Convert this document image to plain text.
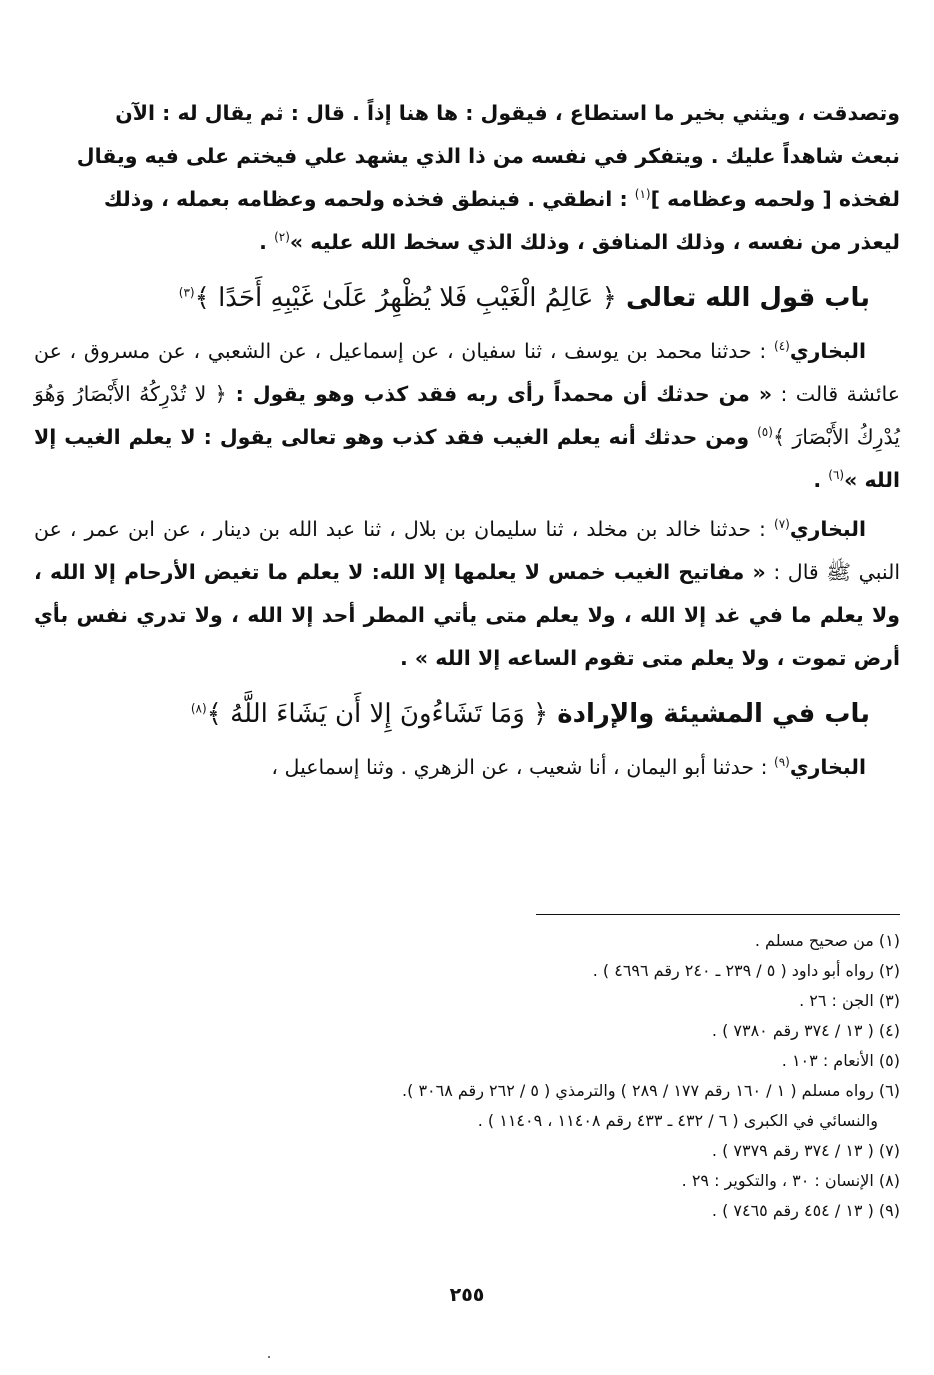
وتصدقت ، ويثني بخير ما استطاع ، فيقول : ها هنا إذاً . قال : ثم يقال له : الآن

نبعث شاهداً عليك . ويتفكر في نفسه من ذا الذي يشهد علي فيختم على فيه ويقال

لفخذه [ ولحمه وعظامه ]$^{(١)}$ : انطقي . فينطق فخذه ولحمه وعظامه بعمله ، وذلك

ليعذر من نفسه ، وذلك المنافق ، وذلك الذي سخط الله عليه »$^{(٢)}$ .

باب قول الله تعالى ﴿ عَالِمُ الْغَيْبِ فَلا يُظْهِرُ عَلَىٰ غَيْبِهِ أَحَدًا ﴾$^{(٣)}$

البخاري$^{(٤)}$ : حدثنا محمد بن يوسف ، ثنا سفيان ، عن إسماعيل ، عن الشعبي ، عن مسروق ، عن عائشة قالت : « من حدثك أن محمداً رأى ربه فقد كذب وهو يقول : ﴿ لا تُدْرِكُهُ الأَبْصَارُ وَهُوَ يُدْرِكُ الأَبْصَارَ ﴾$^{(٥)}$ ومن حدثك أنه يعلم الغيب فقد كذب وهو تعالى يقول : لا يعلم الغيب إلا الله »$^{(٦)}$ .

البخاري$^{(٧)}$ : حدثنا خالد بن مخلد ، ثنا سليمان بن بلال ، ثنا عبد الله بن دينار ، عن ابن عمر ، عن النبي ﷺ قال : « مفاتيح الغيب خمس لا يعلمها إلا الله: لا يعلم ما تغيض الأرحام إلا الله ، ولا يعلم ما في غد إلا الله ، ولا يعلم متى يأتي المطر أحد إلا الله ، ولا تدري نفس بأي أرض تموت ، ولا يعلم متى تقوم الساعه إلا الله » .

باب في المشيئة والإرادة ﴿ وَمَا تَشَاءُونَ إِلا أَن يَشَاءَ اللَّهُ ﴾$^{(٨)}$

البخاري$^{(٩)}$ : حدثنا أبو اليمان ، أنا شعيب ، عن الزهري . وثنا إسماعيل ،

(١) من صحيح مسلم .
(٢) رواه أبو داود ( ٥ / ٢٣٩ ـ ٢٤٠ رقم ٤٦٩٦ ) .
(٣) الجن : ٢٦ .
(٤) ( ١٣ / ٣٧٤ رقم ٧٣٨٠ ) .
(٥) الأنعام : ١٠٣ .
(٦) رواه مسلم ( ١ / ١٦٠ رقم ١٧٧ / ٢٨٩ ) والترمذي ( ٥ / ٢٦٢ رقم ٣٠٦٨ ).
والنسائي في الكبرى ( ٦ / ٤٣٢ ـ ٤٣٣ رقم ١١٤٠٨ ، ١١٤٠٩ ) .
(٧) ( ١٣ / ٣٧٤ رقم ٧٣٧٩ ) .
(٨) الإنسان : ٣٠ ، والتكوير : ٢٩ .
(٩) ( ١٣ / ٤٥٤ رقم ٧٤٦٥ ) .
٢٥٥
